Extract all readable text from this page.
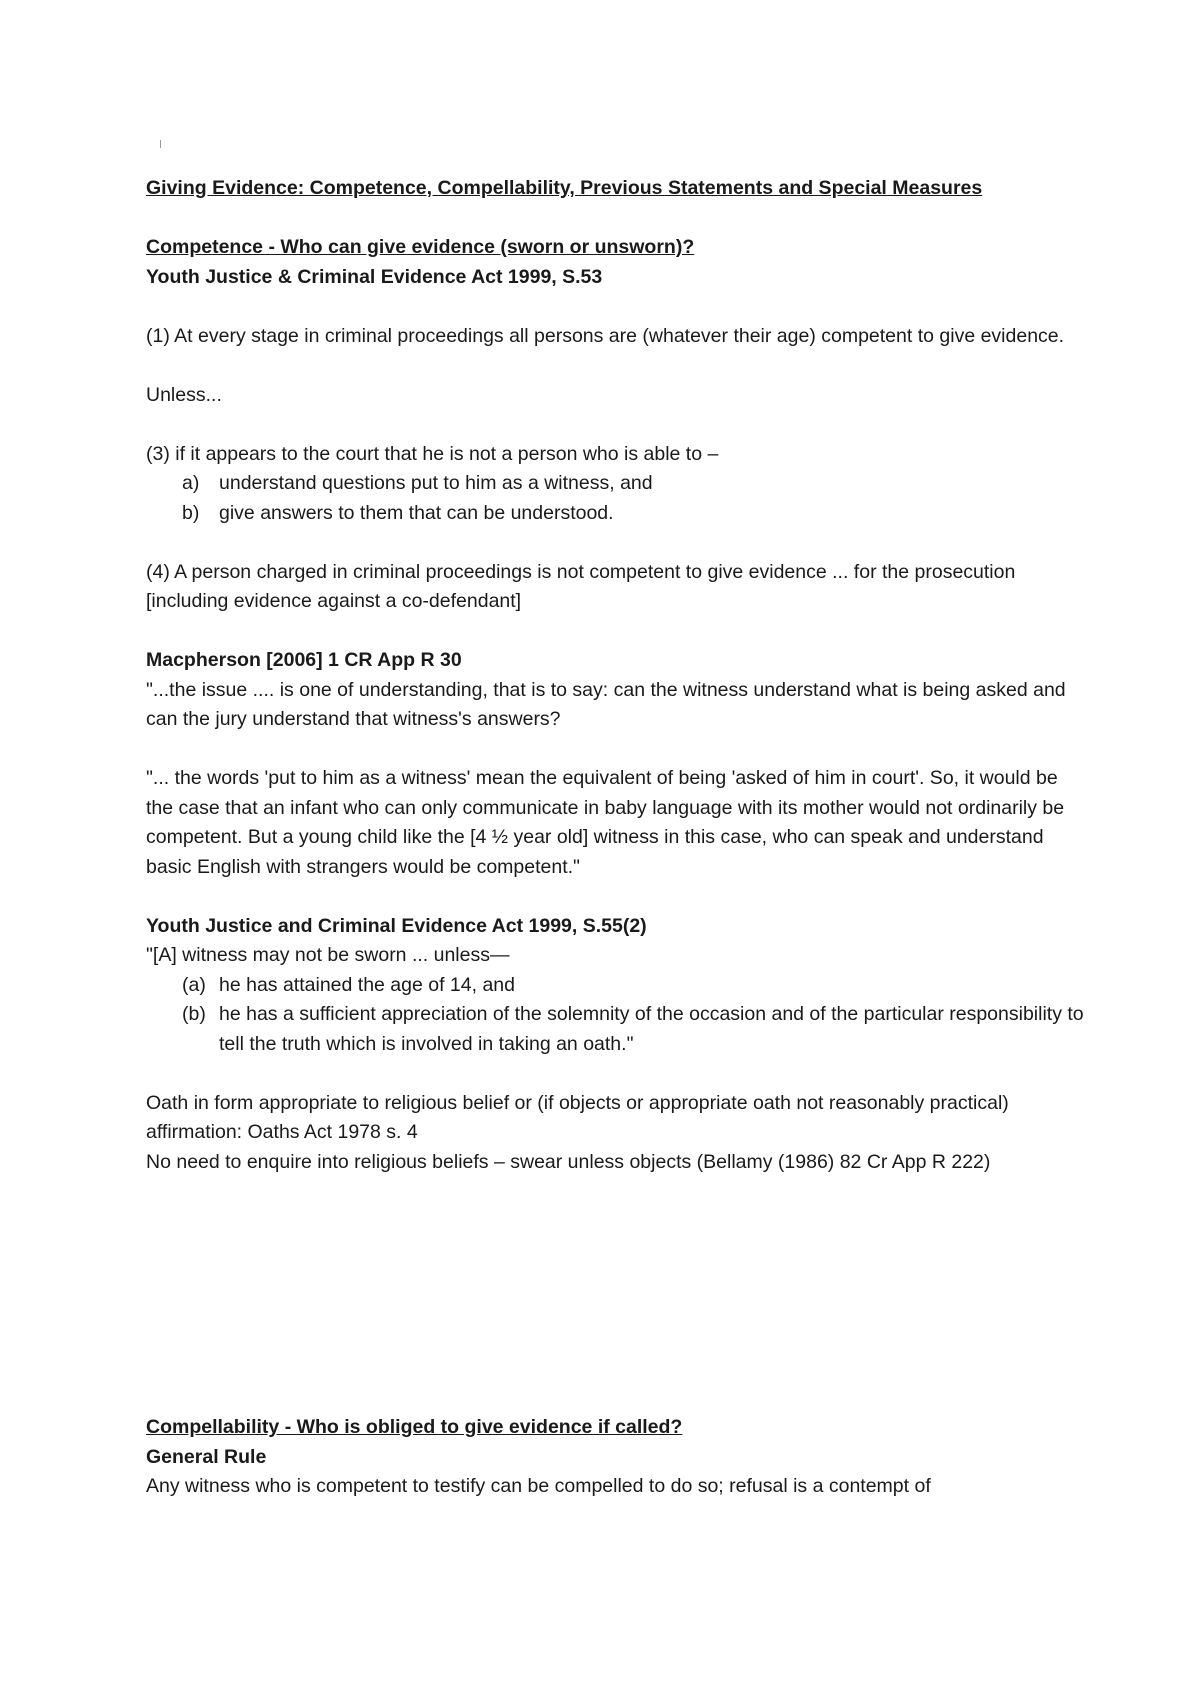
Giving Evidence: Competence, Compellability, Previous Statements and Special Measures

Competence - Who can give evidence (sworn or unsworn)?

Youth Justice & Criminal Evidence Act 1999, S.53

(1) At every stage in criminal proceedings all persons are (whatever their age) competent to give evidence.

Unless...

(3) if it appears to the court that he is not a person who is able to –

a) understand questions put to him as a witness, and
b) give answers to them that can be understood.

(4) A person charged in criminal proceedings is not competent to give evidence ... for the prosecution [including evidence against a co-defendant]

Macpherson [2006] 1 CR App R 30

"...the issue .... is one of understanding, that is to say: can the witness understand what is being asked and can the jury understand that witness's answers?

"... the words 'put to him as a witness' mean the equivalent of being 'asked of him in court'. So, it would be the case that an infant who can only communicate in baby language with its mother would not ordinarily be competent. But a young child like the [4 ½ year old] witness in this case, who can speak and understand basic English with strangers would be competent."

Youth Justice and Criminal Evidence Act 1999, S.55(2)

"[A] witness may not be sworn ... unless—

(a) he has attained the age of 14, and
(b) he has a sufficient appreciation of the solemnity of the occasion and of the particular responsibility to tell the truth which is involved in taking an oath."

Oath in form appropriate to religious belief or (if objects or appropriate oath not reasonably practical) affirmation: Oaths Act 1978 s. 4

No need to enquire into religious beliefs – swear unless objects (Bellamy (1986) 82 Cr App R 222)

Compellability - Who is obliged to give evidence if called?

General Rule

Any witness who is competent to testify can be compelled to do so; refusal is a contempt of
